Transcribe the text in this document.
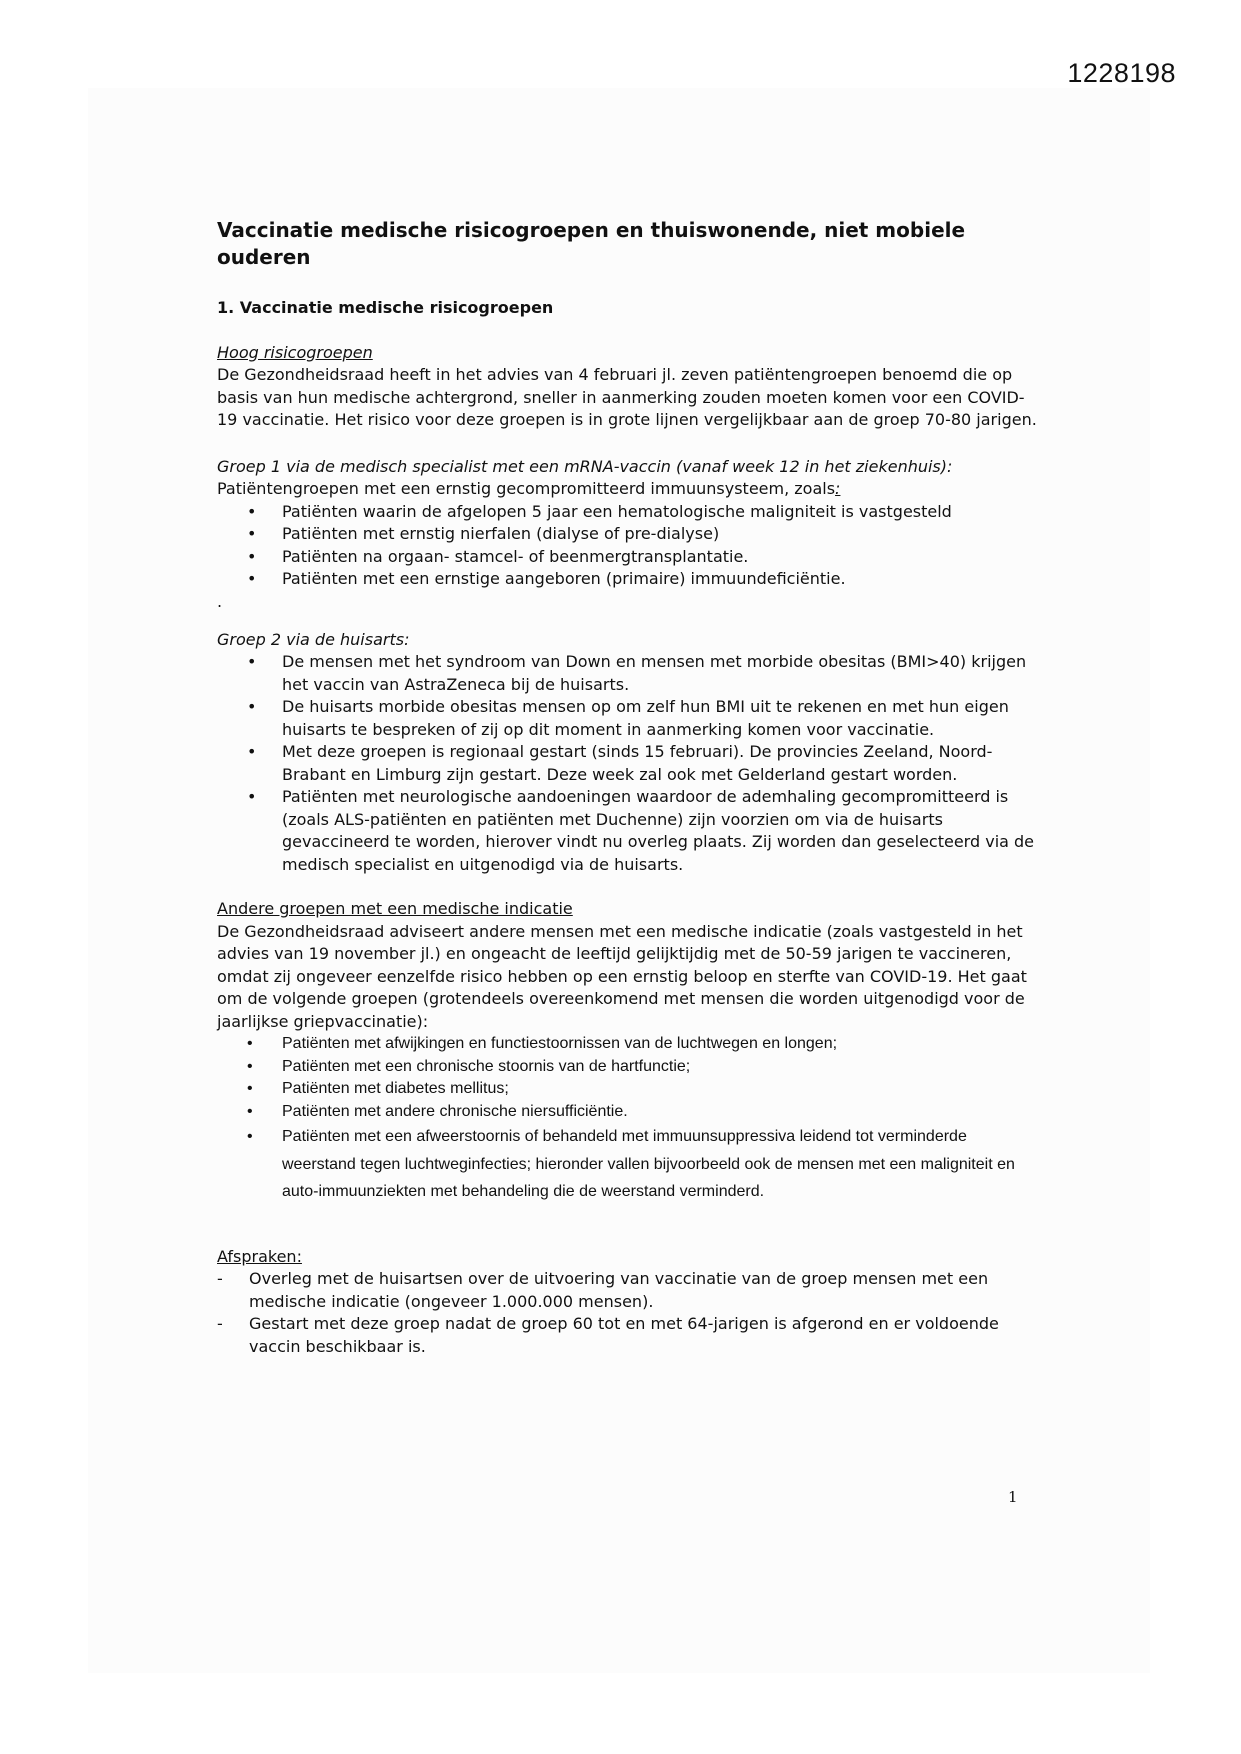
1228198
Vaccinatie medische risicogroepen en thuiswonende, niet mobiele ouderen
1. Vaccinatie medische risicogroepen
Hoog risicogroepen

De Gezondheidsraad heeft in het advies van 4 februari jl. zeven patiëntengroepen benoemd die op basis van hun medische achtergrond, sneller in aanmerking zouden moeten komen voor een COVID-19 vaccinatie. Het risico voor deze groepen is in grote lijnen vergelijkbaar aan de groep 70-80 jarigen.

Groep 1 via de medisch specialist met een mRNA-vaccin (vanaf week 12 in het ziekenhuis):
Patiëntengroepen met een ernstig gecompromitteerd immuunsysteem, zoals:
• Patiënten waarin de afgelopen 5 jaar een hematologische maligniteit is vastgesteld
• Patiënten met ernstig nierfalen (dialyse of pre-dialyse)
• Patiënten na orgaan- stamcel- of beenmergtransplantatie.
• Patiënten met een ernstige aangeboren (primaire) immuundeficiëntie.
.
Groep 2 via de huisarts:
• De mensen met het syndroom van Down en mensen met morbide obesitas (BMI>40) krijgen het vaccin van AstraZeneca bij de huisarts.
• De huisarts morbide obesitas mensen op om zelf hun BMI uit te rekenen en met hun eigen huisarts te bespreken of zij op dit moment in aanmerking komen voor vaccinatie.
• Met deze groepen is regionaal gestart (sinds 15 februari). De provincies Zeeland, Noord-Brabant en Limburg zijn gestart. Deze week zal ook met Gelderland gestart worden.
• Patiënten met neurologische aandoeningen waardoor de ademhaling gecompromitteerd is (zoals ALS-patiënten en patiënten met Duchenne) zijn voorzien om via de huisarts gevaccineerd te worden, hierover vindt nu overleg plaats. Zij worden dan geselecteerd via de medisch specialist en uitgenodigd via de huisarts.
Andere groepen met een medische indicatie

De Gezondheidsraad adviseert andere mensen met een medische indicatie (zoals vastgesteld in het advies van 19 november jl.) en ongeacht de leeftijd gelijktijdig met de 50-59 jarigen te vaccineren, omdat zij ongeveer eenzelfde risico hebben op een ernstig beloop en sterfte van COVID-19. Het gaat om de volgende groepen (grotendeels overeenkomend met mensen die worden uitgenodigd voor de jaarlijkse griepvaccinatie):

• Patiënten met afwijkingen en functiestoornissen van de luchtwegen en longen;
• Patiënten met een chronische stoornis van de hartfunctie;
• Patiënten met diabetes mellitus;
• Patiënten met andere chronische niersufficiëntie.
• Patiënten met een afweerstoornis of behandeld met immuunsuppressiva leidend tot verminderde weerstand tegen luchtweginfecties; hieronder vallen bijvoorbeeld ook de mensen met een maligniteit en auto-immuunziekten met behandeling die de weerstand verminderd.
Afspraken:
- Overleg met de huisartsen over de uitvoering van vaccinatie van de groep mensen met een medische indicatie (ongeveer 1.000.000 mensen).
- Gestart met deze groep nadat de groep 60 tot en met 64-jarigen is afgerond en er voldoende vaccin beschikbaar is.
1
